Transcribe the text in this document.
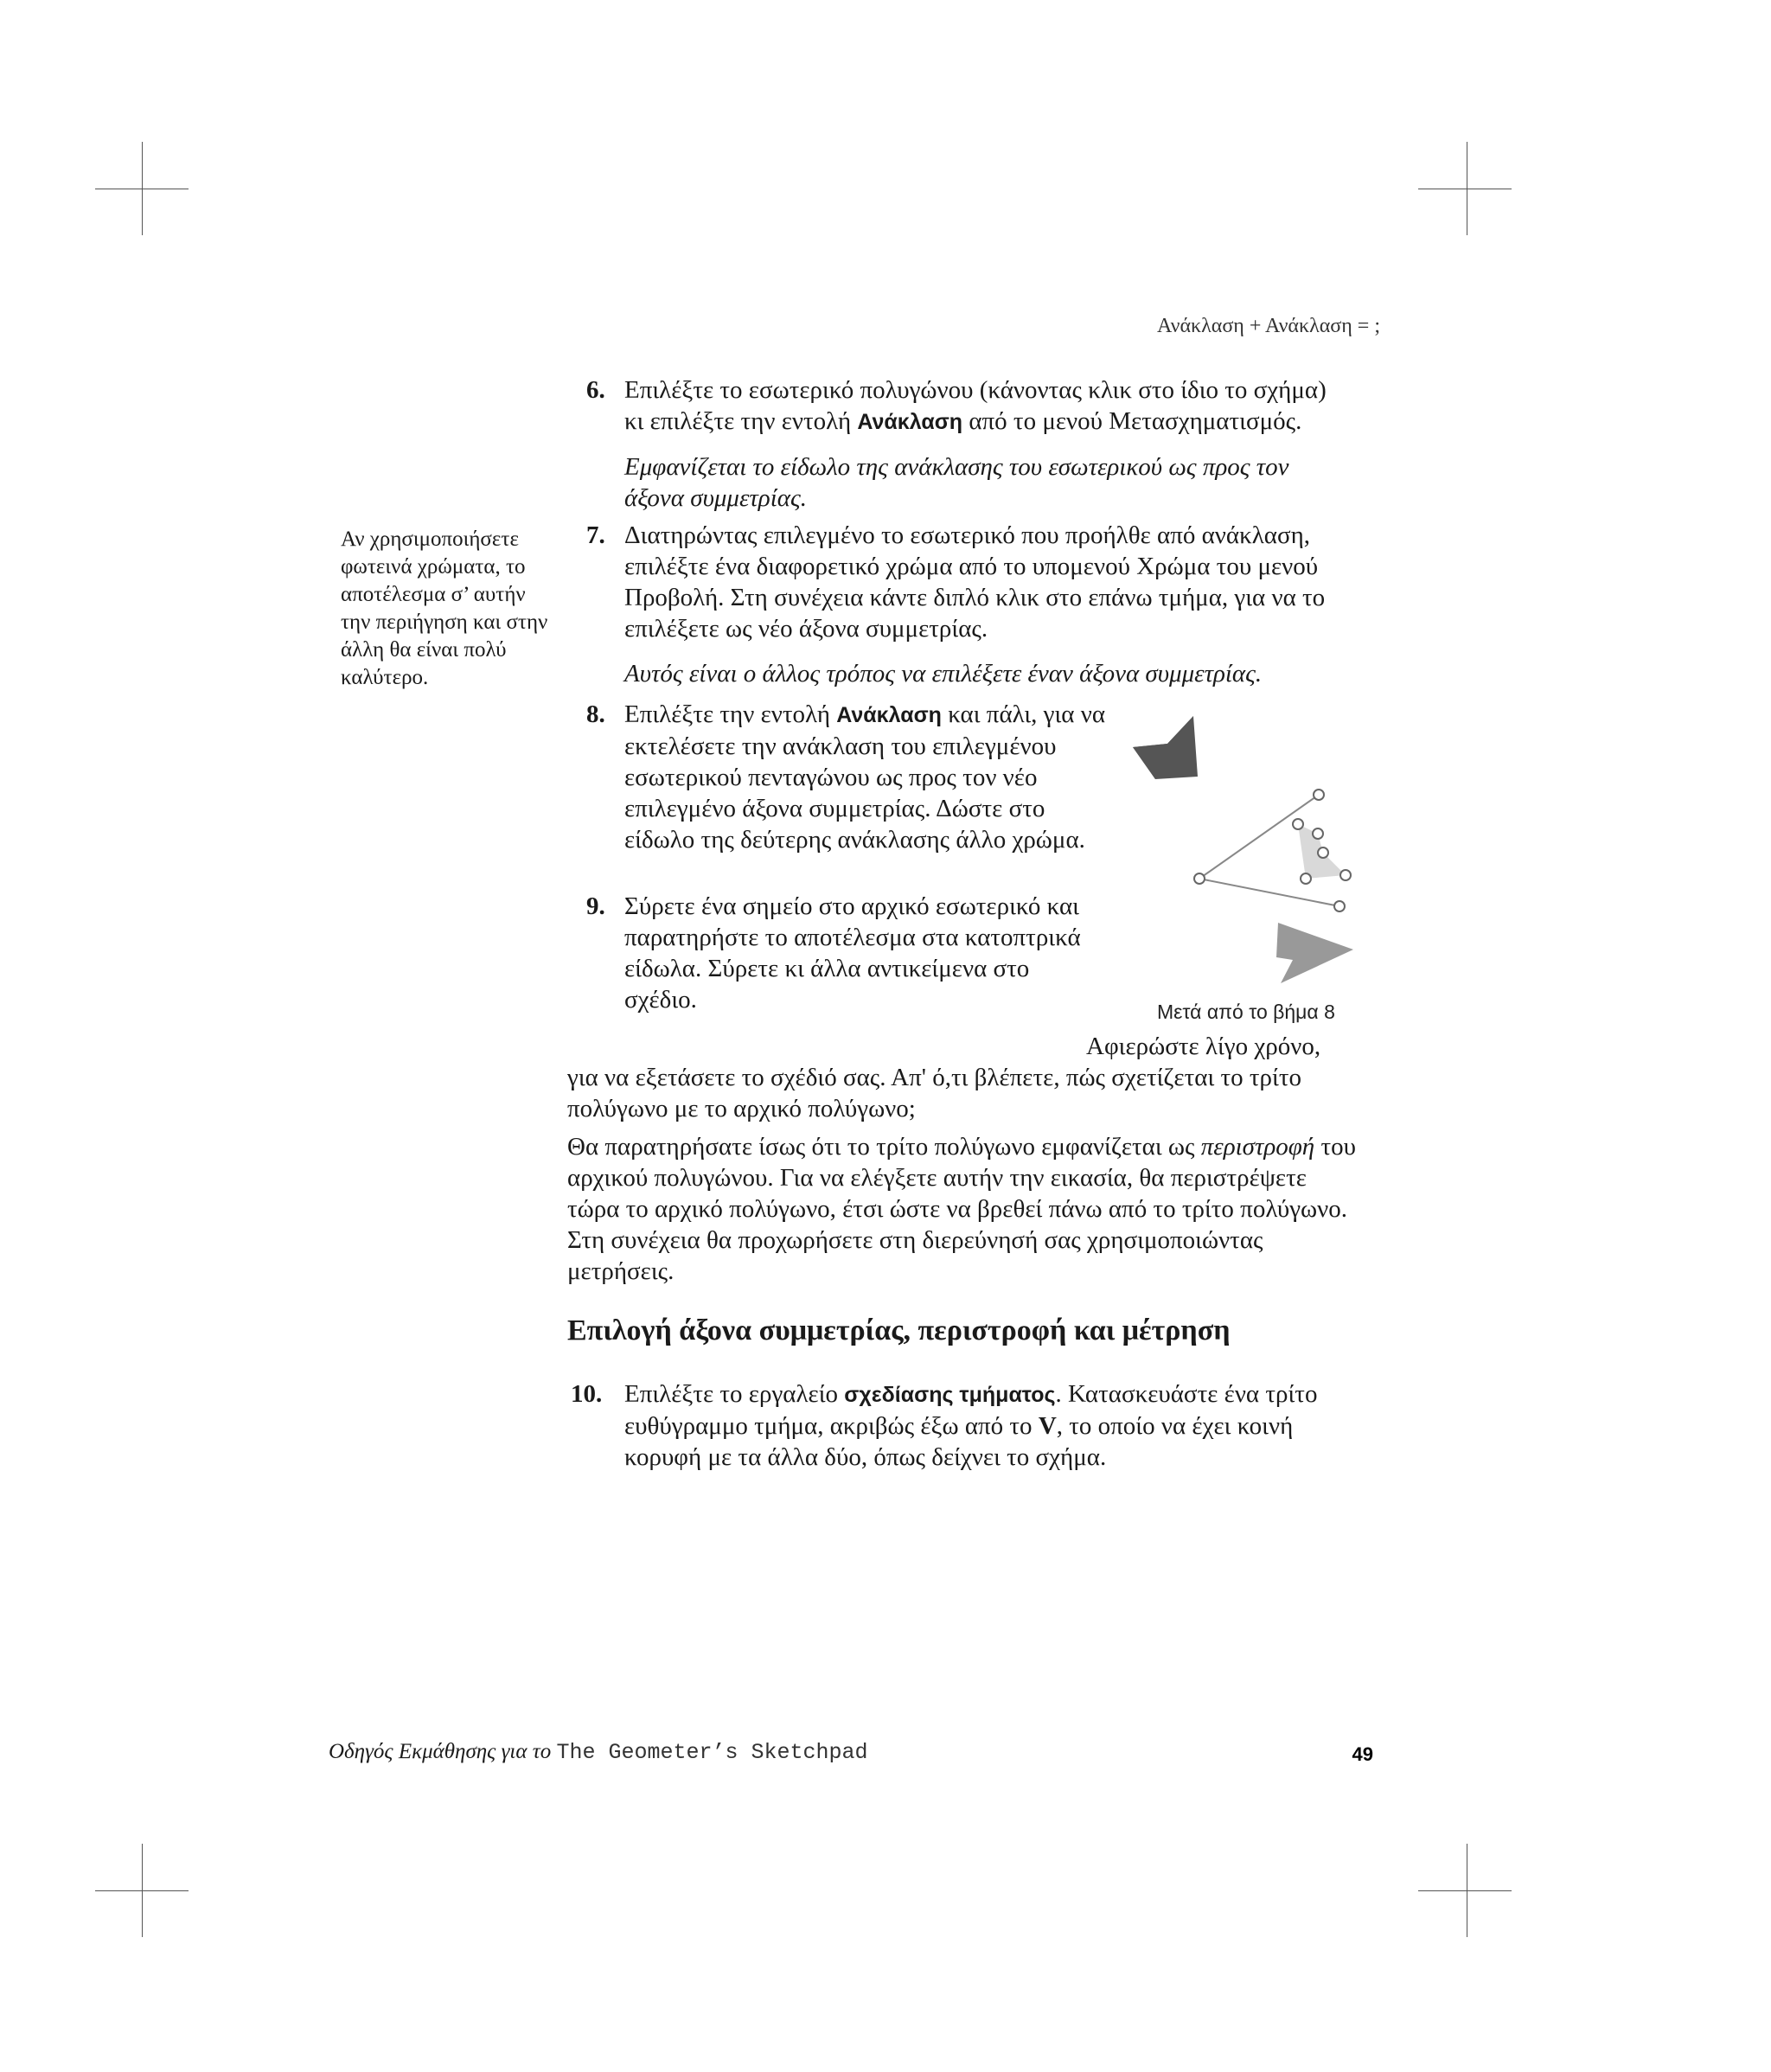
Ανάκλαση + Ανάκλαση = ;
Αν χρησιμοποιήσετε φωτεινά χρώματα, το αποτέλεσμα σ’ αυτήν την περιήγηση και στην άλλη θα είναι πολύ καλύτερο.
6. Επιλέξτε το εσωτερικό πολυγώνου (κάνοντας κλικ στο ίδιο το σχήμα)
κι επιλέξτε την εντολή Ανάκλαση από το μενού Μετασχηματισμός.
Εμφανίζεται το είδωλο της ανάκλασης του εσωτερικού ως προς τον άξονα συμμετρίας.
7. Διατηρώντας επιλεγμένο το εσωτερικό που προήλθε από ανάκλαση, επιλέξτε ένα διαφορετικό χρώμα από το υπομενού Χρώμα του μενού Προβολή. Στη συνέχεια κάντε διπλό κλικ στο επάνω τμήμα, για να το επιλέξετε ως νέο άξονα συμμετρίας.
Αυτός είναι ο άλλος τρόπος να επιλέξετε έναν άξονα συμμετρίας.
8. Επιλέξτε την εντολή Ανάκλαση και πάλι, για να εκτελέσετε την ανάκλαση του επιλεγμένου εσωτερικού πενταγώνου ως προς τον νέο επιλεγμένο άξονα συμμετρίας. Δώστε στο είδωλο της δεύτερης ανάκλασης άλλο χρώμα.
9. Σύρετε ένα σημείο στο αρχικό εσωτερικό και παρατηρήστε το αποτέλεσμα στα κατοπτρικά είδωλα. Σύρετε κι άλλα αντικείμενα στο σχέδιο.	Μετά από το βήμα 8
Αφιερώστε λίγο χρόνο, για να εξετάσετε το σχέδιό σας. Απ' ό,τι βλέπετε, πώς σχετίζεται το τρίτο πολύγωνο με το αρχικό πολύγωνο;
Θα παρατηρήσατε ίσως ότι το τρίτο πολύγωνο εμφανίζεται ως περιστροφή του αρχικού πολυγώνου. Για να ελέγξετε αυτήν την εικασία, θα περιστρέψετε τώρα το αρχικό πολύγωνο, έτσι ώστε να βρεθεί πάνω από το τρίτο πολύγωνο. Στη συνέχεια θα προχωρήσετε στη διερεύνησή σας χρησιμοποιώντας μετρήσεις.
Επιλογή άξονα συμμετρίας, περιστροφή και μέτρηση
10. Επιλέξτε το εργαλείο σχεδίασης τμήματος. Κατασκευάστε ένα τρίτο ευθύγραμμο τμήμα, ακριβώς έξω από το V, το οποίο να έχει κοινή κορυφή με τα άλλα δύο, όπως δείχνει το σχήμα.
Οδηγός Εκμάθησης για το The Geometer’s Sketchpad	49
